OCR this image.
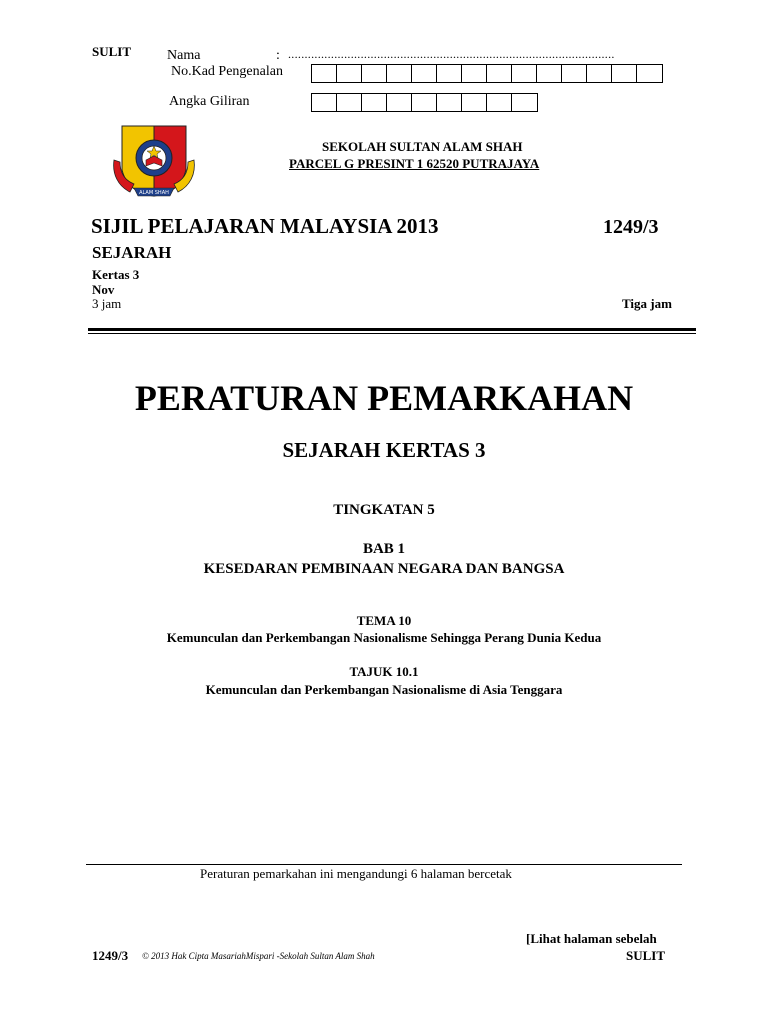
SULIT	Nama	: ...................................................................................................
No.Kad Pengenalan
Angka Giliran
ALAM SHAH
SEKOLAH SULTAN ALAM SHAH
PARCEL G PRESINT 1 62520 PUTRAJAYA
SIJIL PELAJARAN MALAYSIA 2013	1249/3
SEJARAH
Kertas 3
Nov
3 jam	Tiga jam
PERATURAN PEMARKAHAN
SEJARAH KERTAS 3
TINGKATAN 5
BAB 1
KESEDARAN PEMBINAAN NEGARA DAN BANGSA
TEMA 10
Kemunculan dan Perkembangan Nasionalisme Sehingga Perang Dunia Kedua
TAJUK 10.1
Kemunculan dan Perkembangan Nasionalisme di Asia Tenggara
Peraturan pemarkahan ini mengandungi 6 halaman bercetak
[Lihat halaman sebelah
1249/3 © 2013 Hak Cipta MasariahMispari -Sekolah Sultan Alam Shah	SULIT
